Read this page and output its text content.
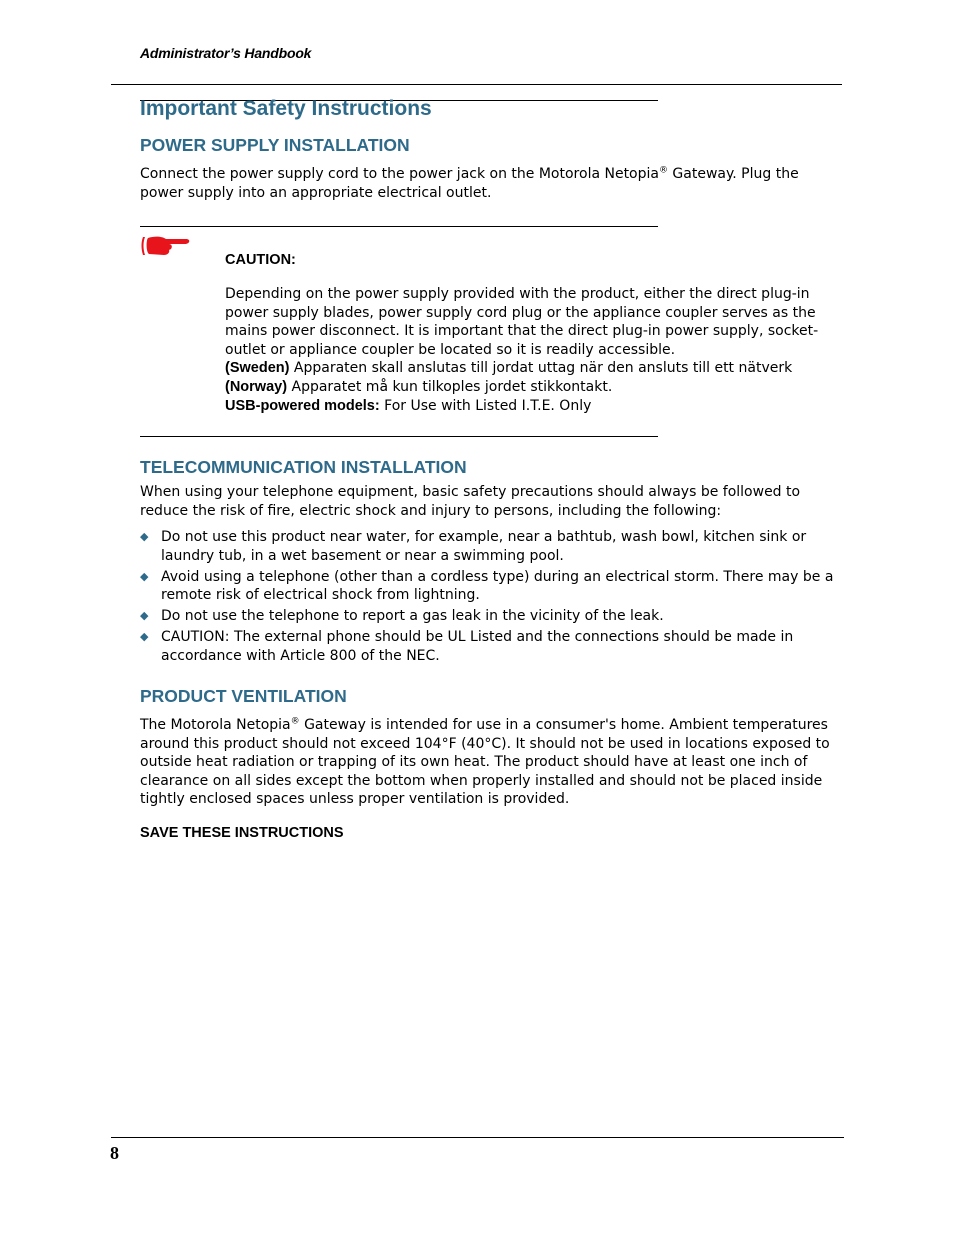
Administrator’s Handbook
Important Safety Instructions
POWER SUPPLY INSTALLATION

Connect the power supply cord to the power jack on the Motorola Netopia® Gateway. Plug the power supply into an appropriate electrical outlet.

CAUTION:

Depending on the power supply provided with the product, either the direct plug-in power supply blades, power supply cord plug or the appliance coupler serves as the mains power disconnect. It is important that the direct plug-in power supply, socket-outlet or appliance coupler be located so it is readily accessible.
(Sweden) Apparaten skall anslutas till jordat uttag när den ansluts till ett nätverk
(Norway) Apparatet må kun tilkoples jordet stikkontakt.
USB-powered models: For Use with Listed I.T.E. Only
TELECOMMUNICATION INSTALLATION

When using your telephone equipment, basic safety precautions should always be followed to reduce the risk of fire, electric shock and injury to persons, including the following:

◆ Do not use this product near water, for example, near a bathtub, wash bowl, kitchen sink or laundry tub, in a wet basement or near a swimming pool.
◆ Avoid using a telephone (other than a cordless type) during an electrical storm. There may be a remote risk of electrical shock from lightning.
◆ Do not use the telephone to report a gas leak in the vicinity of the leak.
◆ CAUTION: The external phone should be UL Listed and the connections should be made in accordance with Article 800 of the NEC.
PRODUCT VENTILATION

The Motorola Netopia® Gateway is intended for use in a consumer's home. Ambient temperatures around this product should not exceed 104°F (40°C). It should not be used in locations exposed to outside heat radiation or trapping of its own heat. The product should have at least one inch of clearance on all sides except the bottom when properly installed and should not be placed inside tightly enclosed spaces unless proper ventilation is provided.

SAVE THESE INSTRUCTIONS

8
